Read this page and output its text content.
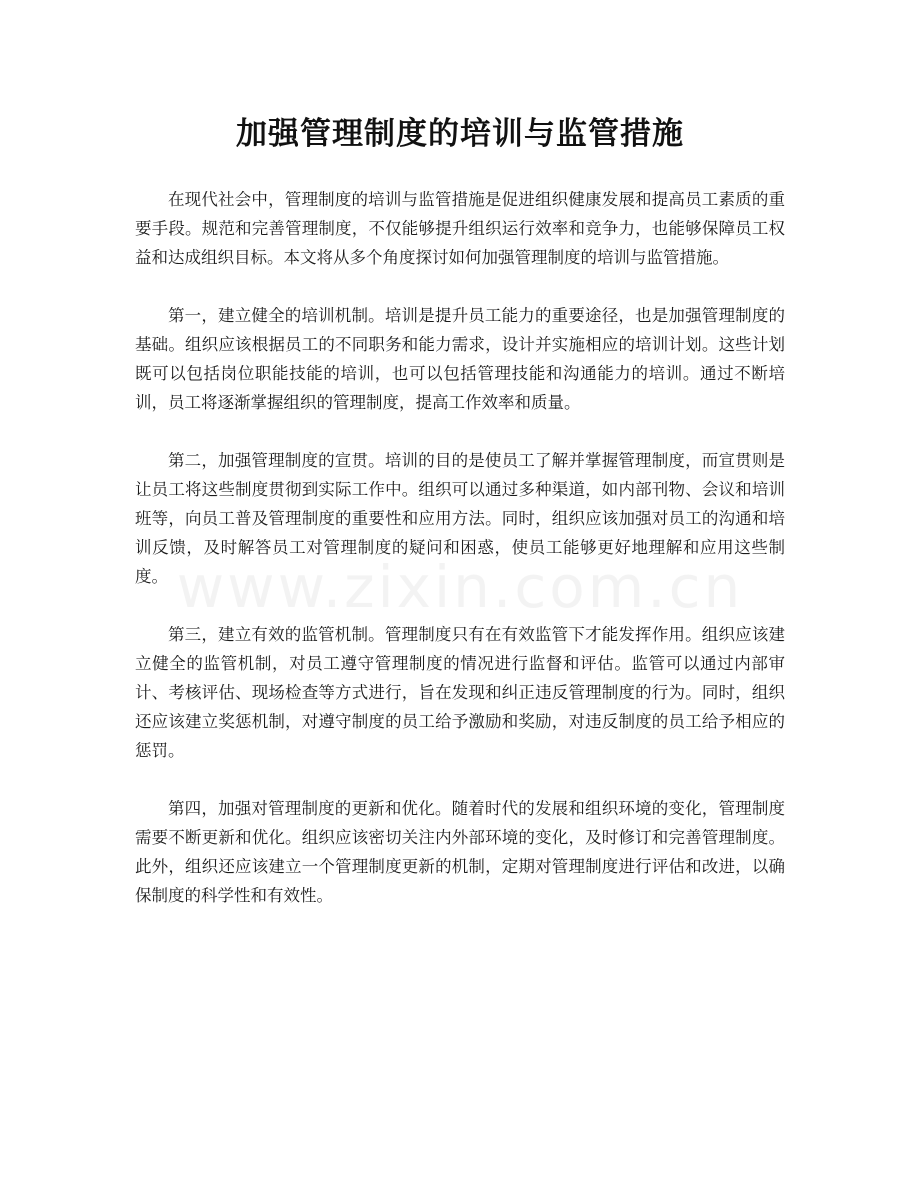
加强管理制度的培训与监管措施
www.zixin.com.cn

在现代社会中，管理制度的培训与监管措施是促进组织健康发展和提高员工素质的重要手段。规范和完善管理制度，不仅能够提升组织运行效率和竞争力，也能够保障员工权益和达成组织目标。本文将从多个角度探讨如何加强管理制度的培训与监管措施。

第一，建立健全的培训机制。培训是提升员工能力的重要途径，也是加强管理制度的基础。组织应该根据员工的不同职务和能力需求，设计并实施相应的培训计划。这些计划既可以包括岗位职能技能的培训，也可以包括管理技能和沟通能力的培训。通过不断培训，员工将逐渐掌握组织的管理制度，提高工作效率和质量。

第二，加强管理制度的宣贯。培训的目的是使员工了解并掌握管理制度，而宣贯则是让员工将这些制度贯彻到实际工作中。组织可以通过多种渠道，如内部刊物、会议和培训班等，向员工普及管理制度的重要性和应用方法。同时，组织应该加强对员工的沟通和培训反馈，及时解答员工对管理制度的疑问和困惑，使员工能够更好地理解和应用这些制度。

第三，建立有效的监管机制。管理制度只有在有效监管下才能发挥作用。组织应该建立健全的监管机制，对员工遵守管理制度的情况进行监督和评估。监管可以通过内部审计、考核评估、现场检查等方式进行，旨在发现和纠正违反管理制度的行为。同时，组织还应该建立奖惩机制，对遵守制度的员工给予激励和奖励，对违反制度的员工给予相应的惩罚。

第四，加强对管理制度的更新和优化。随着时代的发展和组织环境的变化，管理制度需要不断更新和优化。组织应该密切关注内外部环境的变化，及时修订和完善管理制度。此外，组织还应该建立一个管理制度更新的机制，定期对管理制度进行评估和改进，以确保制度的科学性和有效性。
